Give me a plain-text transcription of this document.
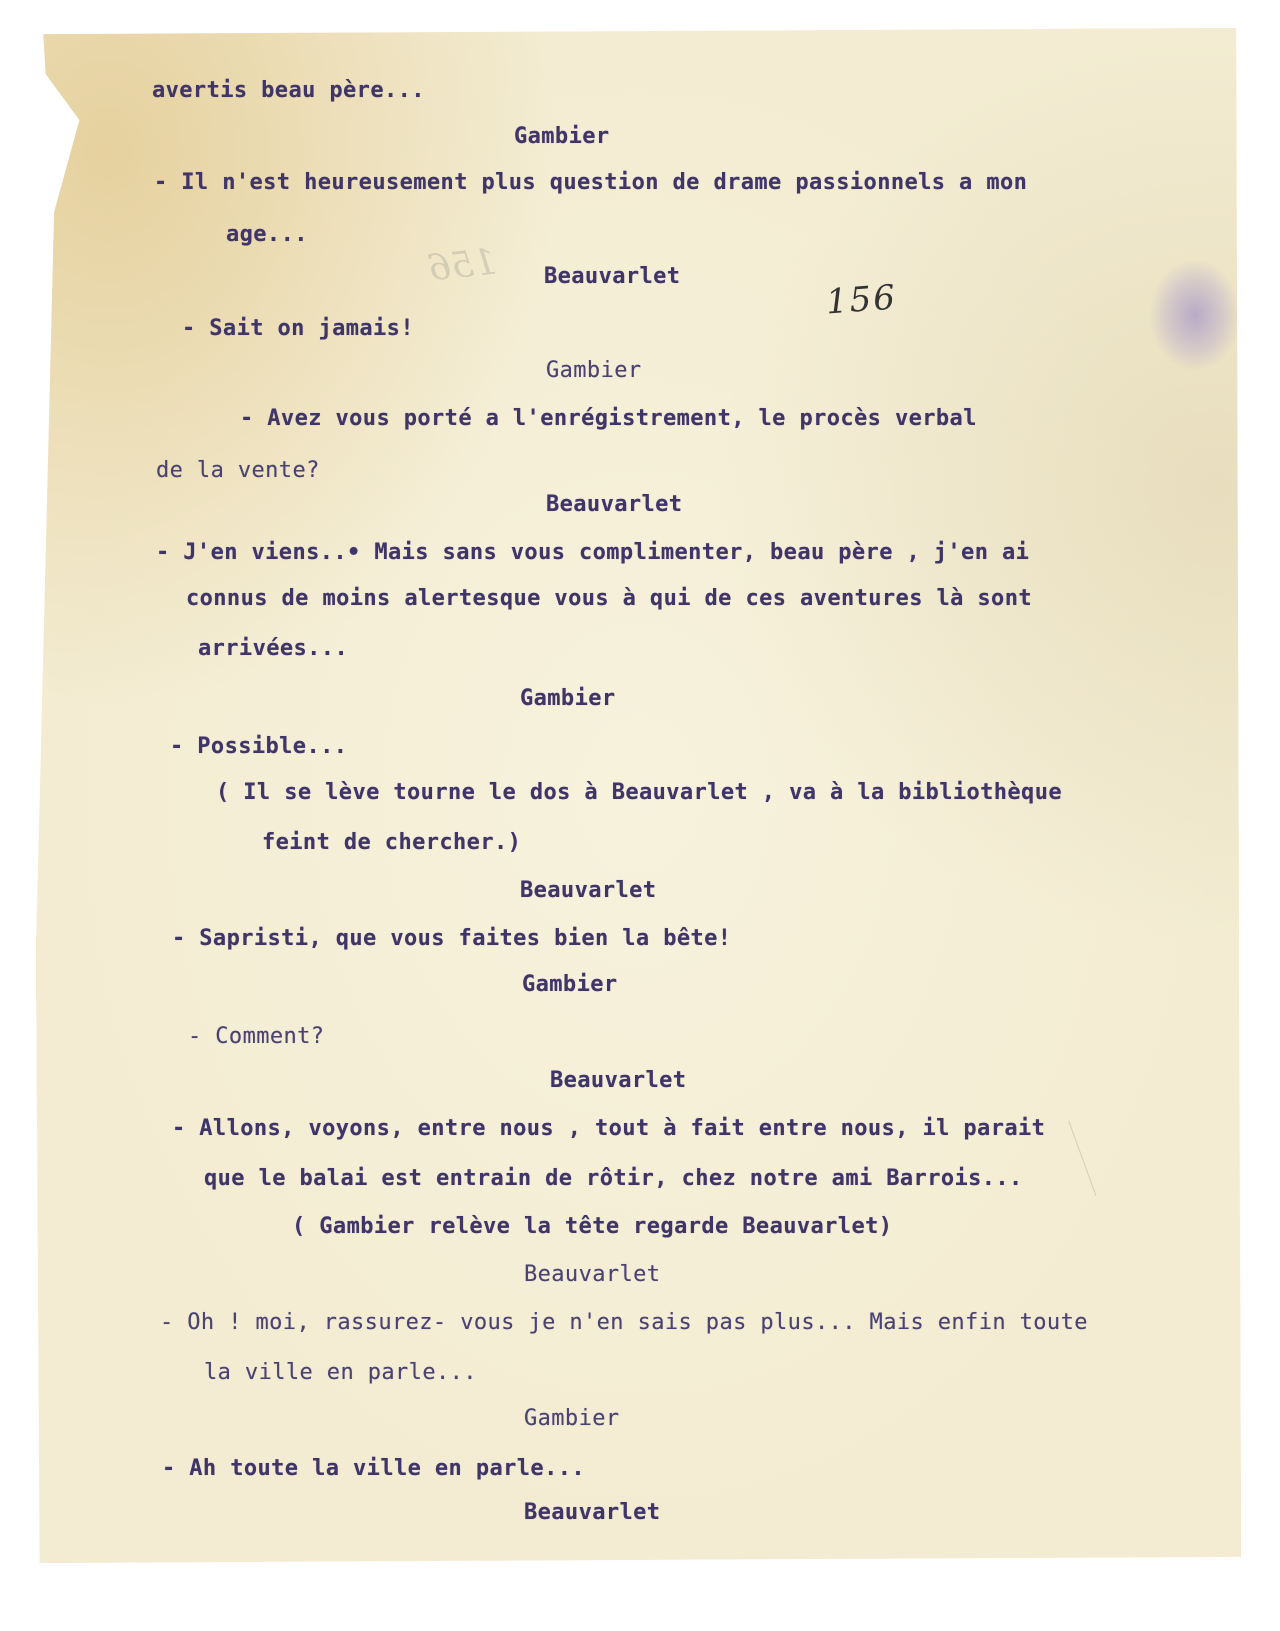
156
156
avertis beau père...
Gambier
- Il n'est heureusement plus question de drame passionnels a mon
age...
Beauvarlet
- Sait on jamais!
Gambier
- Avez vous porté a l'enrégistrement, le procès verbal
de la vente?
Beauvarlet
- J'en viens..• Mais sans vous complimenter, beau père , j'en ai
connus de moins alertesque vous à qui de ces aventures là sont
arrivées...
Gambier
- Possible...
( Il se lève tourne le dos à Beauvarlet , va à la bibliothèque
feint de chercher.)
Beauvarlet
- Sapristi, que vous faites bien la bête!
Gambier
- Comment?
Beauvarlet
- Allons, voyons, entre nous , tout à fait entre nous, il parait
que le balai est entrain de rôtir, chez notre ami Barrois...
( Gambier relève la tête regarde Beauvarlet)
Beauvarlet
- Oh ! moi, rassurez- vous je n'en sais pas plus... Mais enfin toute
la ville en parle...
Gambier
- Ah toute la ville en parle...
Beauvarlet
